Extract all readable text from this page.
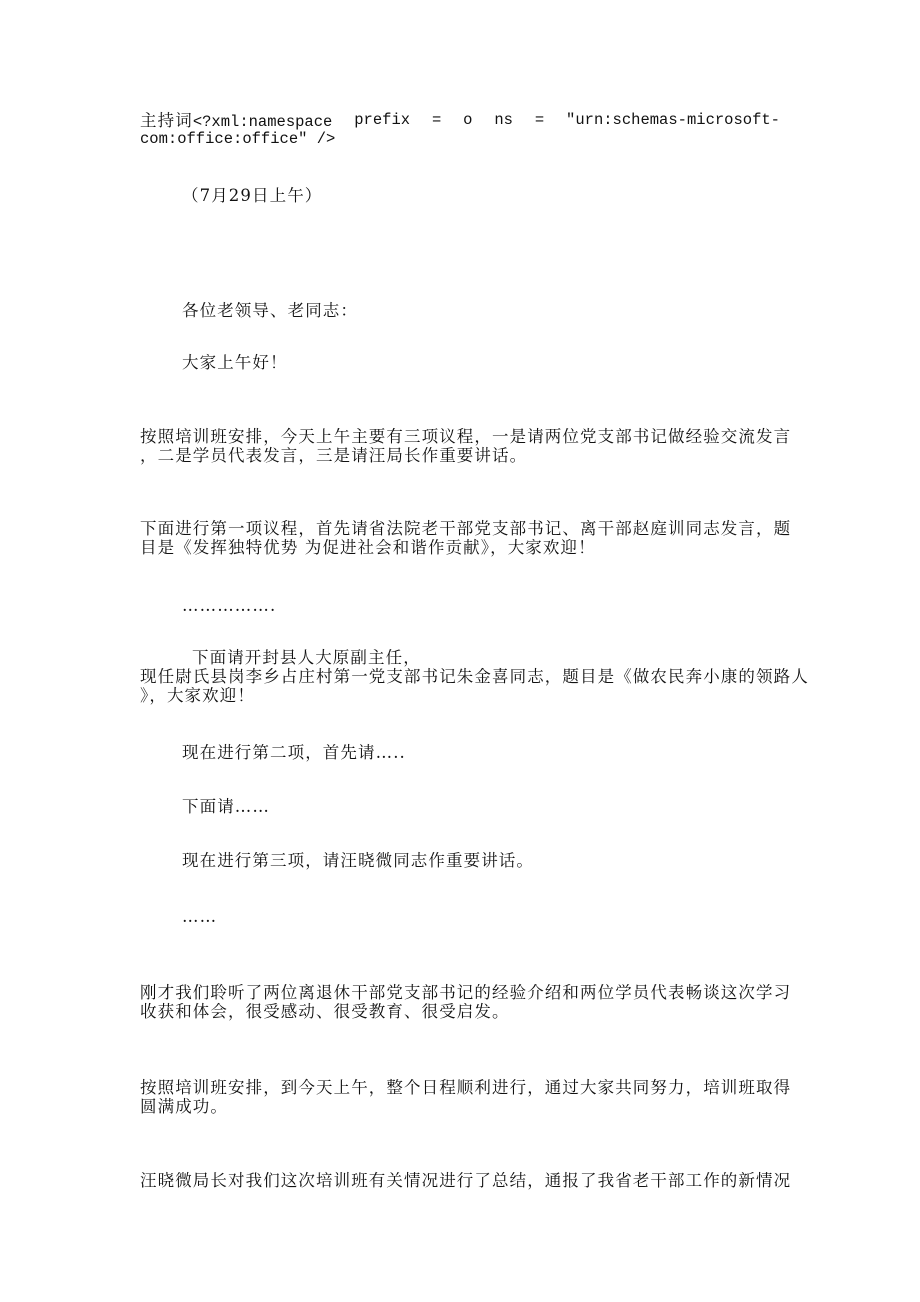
主持词<?xml:namespace prefix = o ns = "urn:schemas-microsoft-
com:office:office" />
（7月29日上午）
各位老领导、老同志：
大家上午好！
按照培训班安排，今天上午主要有三项议程，一是请两位党支部书记做经验交流发言
，二是学员代表发言，三是请汪局长作重要讲话。
下面进行第一项议程，首先请省法院老干部党支部书记、离干部赵庭训同志发言，题
目是《发挥独特优势 为促进社会和谐作贡献》，大家欢迎！
…………….
下面请开封县人大原副主任，
现任尉氏县岗李乡占庄村第一党支部书记朱金喜同志，题目是《做农民奔小康的领路人
》，大家欢迎！
现在进行第二项，首先请…..
下面请……
现在进行第三项，请汪晓微同志作重要讲话。
……
刚才我们聆听了两位离退休干部党支部书记的经验介绍和两位学员代表畅谈这次学习
收获和体会，很受感动、很受教育、很受启发。
按照培训班安排，到今天上午，整个日程顺利进行，通过大家共同努力，培训班取得
圆满成功。
汪晓微局长对我们这次培训班有关情况进行了总结，通报了我省老干部工作的新情况
